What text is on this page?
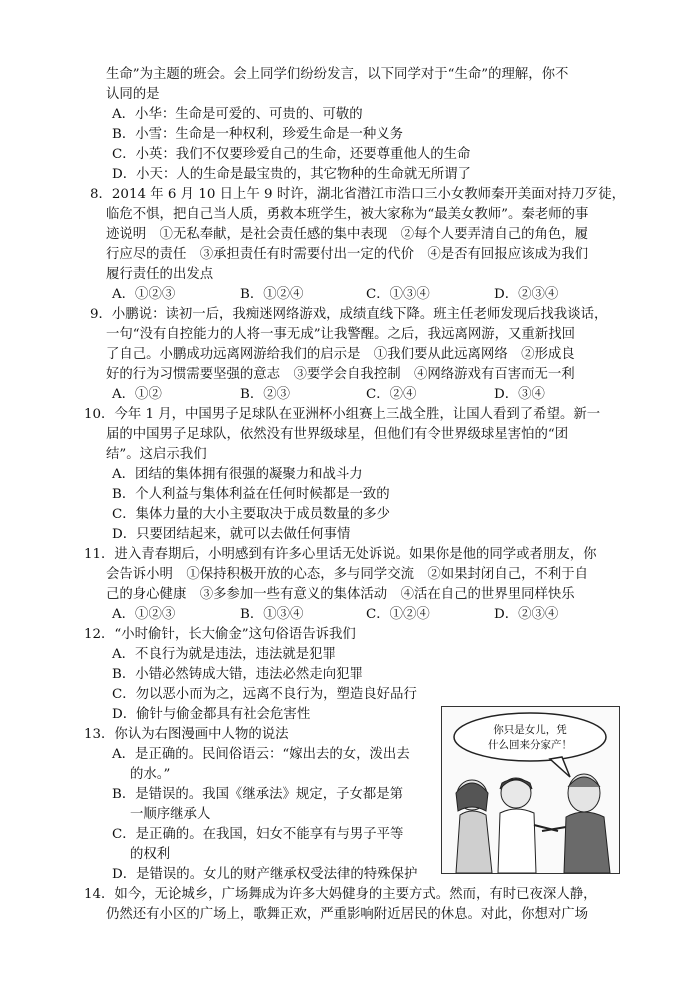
生命”为主题的班会。会上同学们纷纷发言，以下同学对于“生命”的理解，你不
认同的是
A．小华：生命是可爱的、可贵的、可敬的
B．小雪：生命是一种权利，珍爱生命是一种义务
C．小英：我们不仅要珍爱自己的生命，还要尊重他人的生命
D．小天：人的生命是最宝贵的，其它物种的生命就无所谓了
8．2014 年 6 月 10 日上午 9 时许，湖北省潜江市浩口三小女教师秦开美面对持刀歹徒，
临危不惧，把自己当人质，勇救本班学生，被大家称为“最美女教师”。秦老师的事
迹说明　①无私奉献，是社会责任感的集中表现　②每个人要弄清自己的角色，履
行应尽的责任　③承担责任有时需要付出一定的代价　④是否有回报应该成为我们
履行责任的出发点
A．①②③	B．①②④	C．①③④	D．②③④
9．小鹏说：读初一后，我痴迷网络游戏，成绩直线下降。班主任老师发现后找我谈话，
一句“没有自控能力的人将一事无成”让我警醒。之后，我远离网游，又重新找回
了自己。小鹏成功远离网游给我们的启示是　①我们要从此远离网络　②形成良
好的行为习惯需要坚强的意志　③要学会自我控制　④网络游戏有百害而无一利
A．①②	B．②③	C．②④	D．③④
10．今年 1 月，中国男子足球队在亚洲杯小组赛上三战全胜，让国人看到了希望。新一
届的中国男子足球队，依然没有世界级球星，但他们有令世界级球星害怕的“团
结”。这启示我们
A．团结的集体拥有很强的凝聚力和战斗力
B．个人利益与集体利益在任何时候都是一致的
C．集体力量的大小主要取决于成员数量的多少
D．只要团结起来，就可以去做任何事情
11．进入青春期后，小明感到有许多心里话无处诉说。如果你是他的同学或者朋友，你
会告诉小明　①保持积极开放的心态，多与同学交流　②如果封闭自己，不利于自
己的身心健康　③多参加一些有意义的集体活动　④活在自己的世界里同样快乐
A．①②③	B．①③④	C．①②④	D．②③④
12．“小时偷针，长大偷金”这句俗语告诉我们
A．不良行为就是违法，违法就是犯罪
B．小错必然铸成大错，违法必然走向犯罪
C．勿以恶小而为之，远离不良行为，塑造良好品行
D．偷针与偷金都具有社会危害性
13．你认为右图漫画中人物的说法
A．是正确的。民间俗语云：“嫁出去的女，泼出去
的水。”
B．是错误的。我国《继承法》规定，子女都是第
一顺序继承人
C．是正确的。在我国，妇女不能享有与男子平等
的权利
D．是错误的。女儿的财产继承权受法律的特殊保护
你只是女儿，凭
什么回来分家产！
14．如今，无论城乡，广场舞成为许多大妈健身的主要方式。然而，有时已夜深人静，
仍然还有小区的广场上，歌舞正欢，严重影响附近居民的休息。对此，你想对广场
